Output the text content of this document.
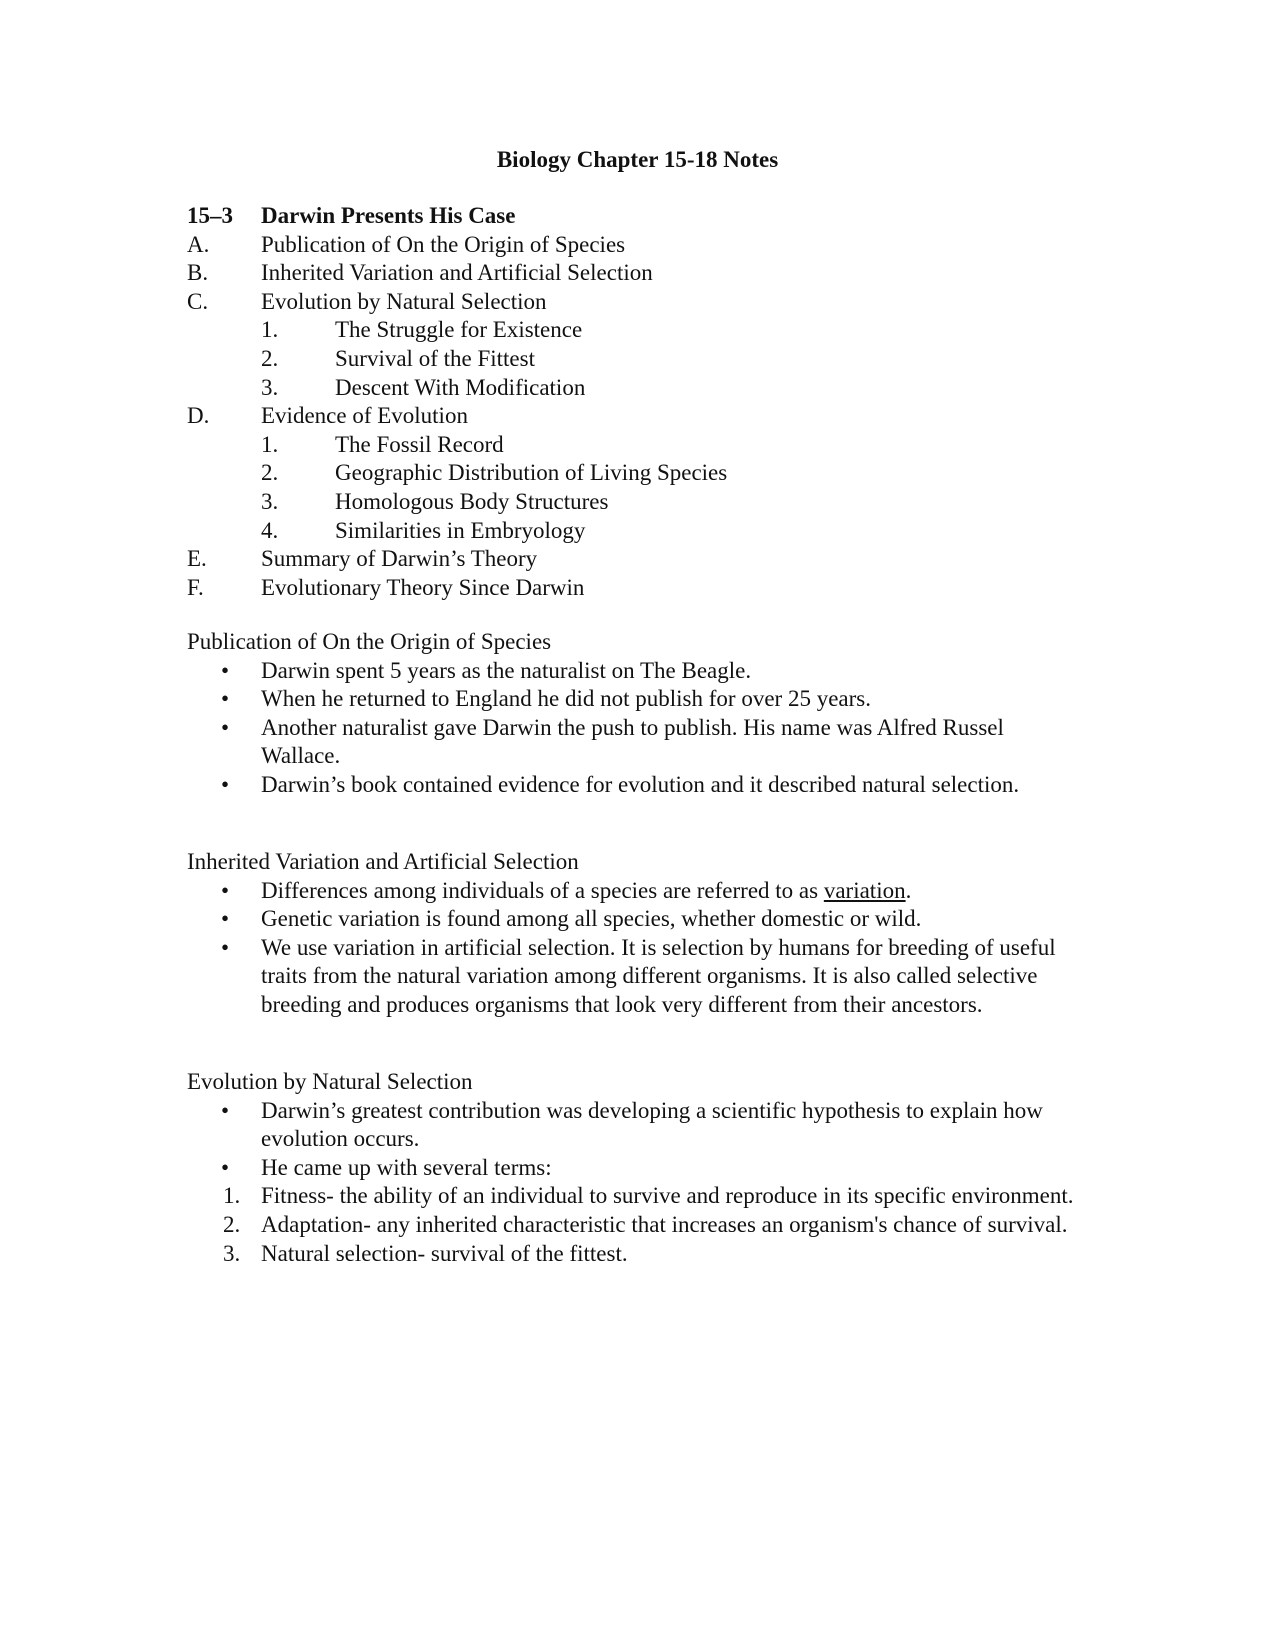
Biology Chapter 15-18 Notes
15–3 Darwin Presents His Case
A. Publication of On the Origin of Species
B. Inherited Variation and Artificial Selection
C. Evolution by Natural Selection
1. The Struggle for Existence
2. Survival of the Fittest
3. Descent With Modification
D. Evidence of Evolution
1. The Fossil Record
2. Geographic Distribution of Living Species
3. Homologous Body Structures
4. Similarities in Embryology
E. Summary of Darwin’s Theory
F. Evolutionary Theory Since Darwin
Publication of On the Origin of Species
• Darwin spent 5 years as the naturalist on The Beagle.
• When he returned to England he did not publish for over 25 years.
• Another naturalist gave Darwin the push to publish. His name was Alfred Russel Wallace.
• Darwin’s book contained evidence for evolution and it described natural selection.
Inherited Variation and Artificial Selection
• Differences among individuals of a species are referred to as variation.
• Genetic variation is found among all species, whether domestic or wild.
• We use variation in artificial selection. It is selection by humans for breeding of useful traits from the natural variation among different organisms. It is also called selective breeding and produces organisms that look very different from their ancestors.
Evolution by Natural Selection
• Darwin’s greatest contribution was developing a scientific hypothesis to explain how evolution occurs.
• He came up with several terms:
1. Fitness- the ability of an individual to survive and reproduce in its specific environment.
2. Adaptation- any inherited characteristic that increases an organism's chance of survival.
3. Natural selection- survival of the fittest.
